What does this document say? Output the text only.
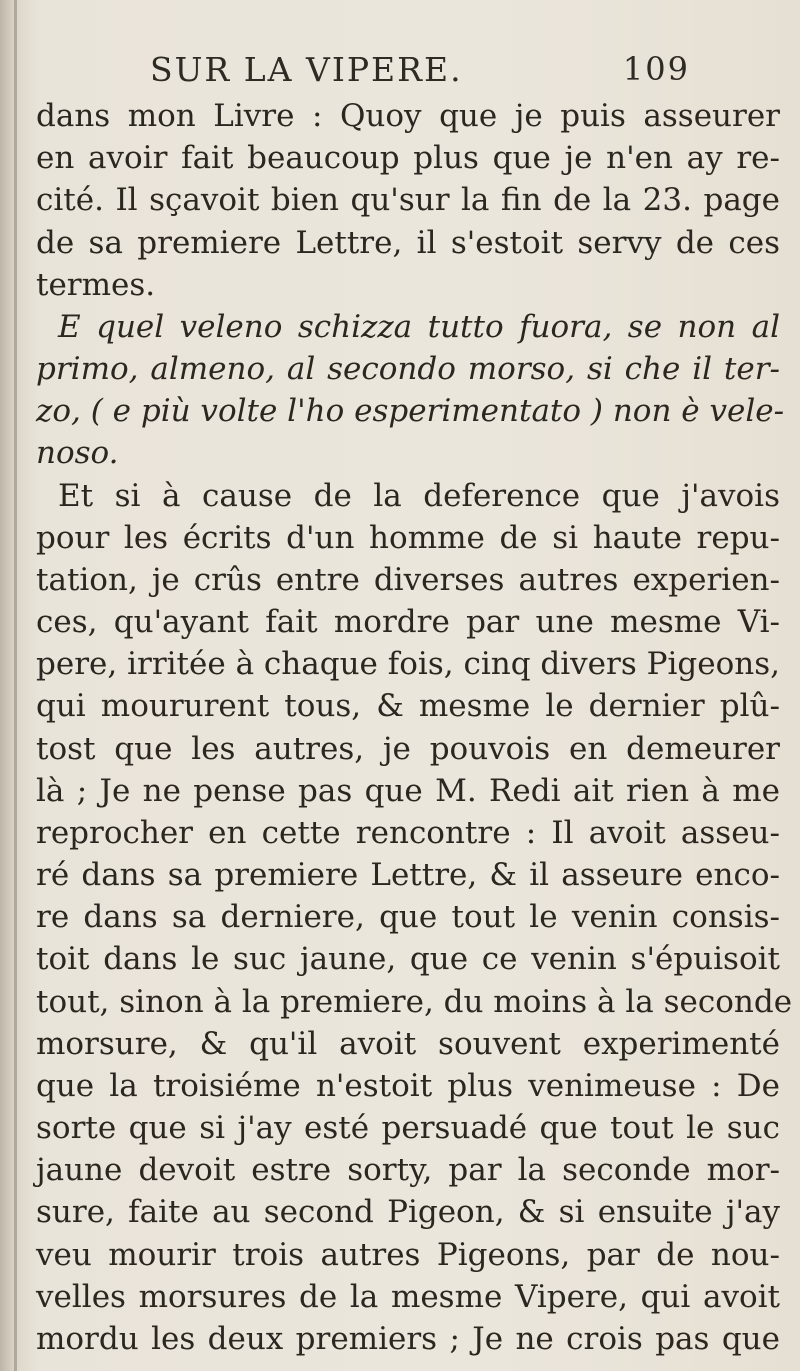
SUR LA VIPERE.	109
dans mon Livre : Quoy que je puis asseurer
en avoir fait beaucoup plus que je n'en ay re-
cité. Il sçavoit bien qu'sur la fin de la 23. page
de sa premiere Lettre, il s'estoit servy de ces
termes.
E quel veleno schizza tutto fuora, se non al
primo, almeno, al secondo morso, si che il ter-
zo, ( e più volte l'ho esperimentato ) non è vele-
noso.
Et si à cause de la deference que j'avois
pour les écrits d'un homme de si haute repu-
tation, je crûs entre diverses autres experien-
ces, qu'ayant fait mordre par une mesme Vi-
pere, irritée à chaque fois, cinq divers Pigeons,
qui moururent tous, & mesme le dernier plû-
tost que les autres, je pouvois en demeurer
là ; Je ne pense pas que M. Redi ait rien à me
reprocher en cette rencontre : Il avoit asseu-
ré dans sa premiere Lettre, & il asseure enco-
re dans sa derniere, que tout le venin consis-
toit dans le suc jaune, que ce venin s'épuisoit
tout, sinon à la premiere, du moins à la seconde
morsure, & qu'il avoit souvent experimenté
que la troisiéme n'estoit plus venimeuse : De
sorte que si j'ay esté persuadé que tout le suc
jaune devoit estre sorty, par la seconde mor-
sure, faite au second Pigeon, & si ensuite j'ay
veu mourir trois autres Pigeons, par de nou-
velles morsures de la mesme Vipere, qui avoit
mordu les deux premiers ; Je ne crois pas que
